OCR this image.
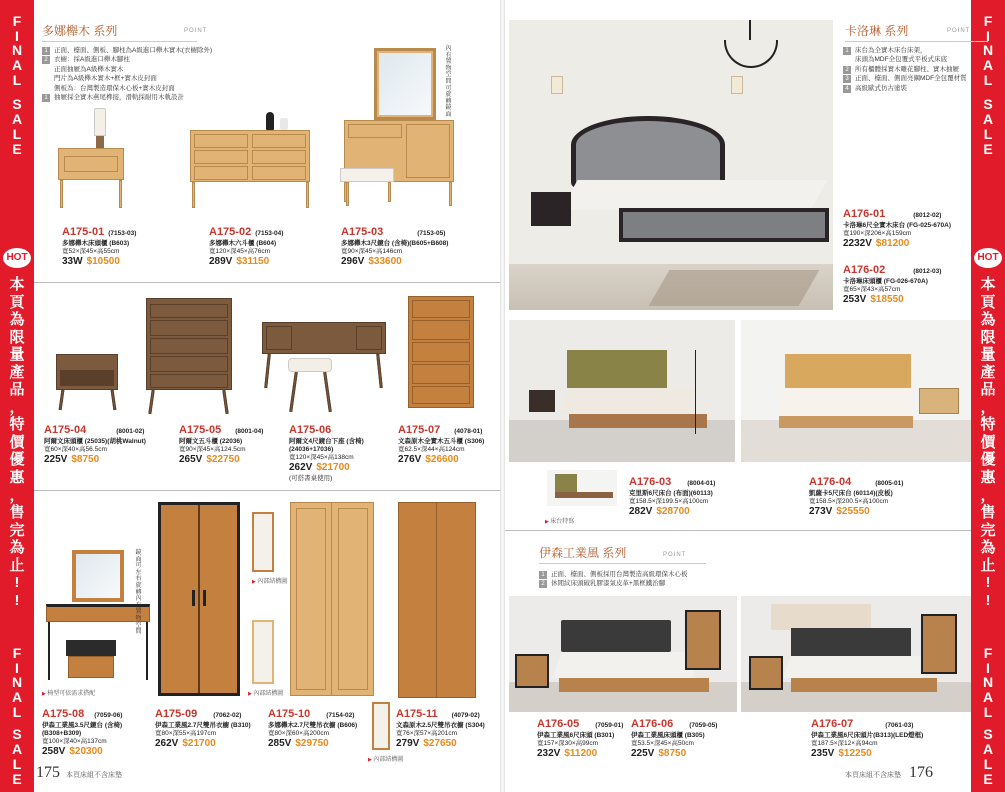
F
I
N
A
L
S
A
L
E
HOT
本
頁
為
限
量
產
品
，
特
價
優
惠
，
售
完
為
止
!
!
F
I
N
A
L
S
A
L
E
F
I
N
A
L
S
A
L
E
HOT
本
頁
為
限
量
產
品
，
特
價
優
惠
，
售
完
為
止
!
!
F
I
N
A
L
S
A
L
E
多娜櫸木 系列	POINT
1 正面、檯面、側板、腳柱為A級進口櫸木實木(衣櫥除外)
2 衣櫥：採A級進口櫸木腳柱
正面抽屜為A級櫸木實木
門片為A級櫸木實木+框+實木皮封面
側板為：台灣製造環保木心板+實木皮封面
1 抽屜採全實木燕尾榫接，滑軌採耐用木軌設計
內有置物空間可旋轉鏡面
A175-01 (7153-03)
多娜櫸木床頭櫃 (B603)
寬52×深45×高55cm
33W $10500
A175-02 (7153-04)
多娜櫸木六斗櫃 (B604)
寬120×深45×高76cm
289V $31150
A175-03	(7153-05)
多娜櫸木3尺鏡台 (含椅)(B605+B608)
寬90×深45×高146cm
296V $33600
A175-04	(8001-02)
阿爾文床頭櫃 (25035)(胡桃Walnut)
寬60×深40×高56.5cm
225V $8750
A175-05 (8001-04)
阿爾文五斗櫃 (22036)
寬90×深45×高124.5cm
265V $22750
A175-06
阿爾文4尺鏡台下座 (含椅)
(24036+17036)
寬120×深45×高138cm
262V $21700
(可搭書桌使用)
A175-07 (4078-01)
文森原木全實木五斗櫃 (S306)
寬62.5×深44×高124cm
276V $26600
鏡面可左右旋轉內有置物空間
▶ 椅型可依需求搭配
▶ 內部結構圖
▶ 內部結構圖
▶ 內部結構圖
A175-08 (7059-06)
伊森工業風3.5尺鏡台 (含椅)
(B308+B309)
寬100×深40×高137cm
258V $20300
A175-09 (7062-02)
伊森工業風2.7尺雙吊衣櫥 (B310)
寬80×深55×高197cm
262V $21700
A175-10 (7154-02)
多娜櫸木2.7尺雙吊衣櫥 (B606)
寬80×深60×高200cm
285V $29750
A175-11 (4079-02)
文森原木2.5尺雙吊衣櫥 (S304)
寬76×深57×高201cm
279V $27650
175 本頁床組不含床墊
卡洛琳 系列	POINT
1 床台為全實木床台床架，
床頭為MDF全包覆式平板式床底
2 所有櫃體採實木雕花腳柱、實木抽屜
3 正面、檯面、側面亮鋼MDF全包覆材質
4 高級歐式仿古塗裝
A176-01	(8012-02)
卡洛琳6尺全實木床台 (FG-025-670A)
寬190×深206×高159cm
2232V $81200
A176-02	(8012-03)
卡洛琳床頭櫃 (FG-026-670A)
寬65×深43×高57cm
253V $18550
▶ 床台特寫
A176-03 (8004-01)
克里斯6尺床台 (布面)(60113)
寬158.5×深199.5×高100cm
282V $28700
A176-04	(8005-01)
凱薩卡5尺床台 (60114)(皮板)
寬158.5×深200.5×高100cm
273V $25550
伊森工業風 系列	POINT
1 正面、檯面、側板採用台灣製造高級環保木心板
2 休閒紋床頭破乳膠漆氣皮革+黑框鐵治腳
A176-05 (7059-01)
伊森工業風6尺床頭 (B301)
寬157×深30×高99cm
232V $11200
A176-06 (7059-05)
伊森工業風床頭櫃 (B305)
寬53.5×深45×高50cm
225V $8750
A176-07	(7061-03)
伊森工業風6尺床頭片(B313)(LED燈框)
寬187.5×深12×高94cm
235V $12250
本頁床組不含床墊 176
